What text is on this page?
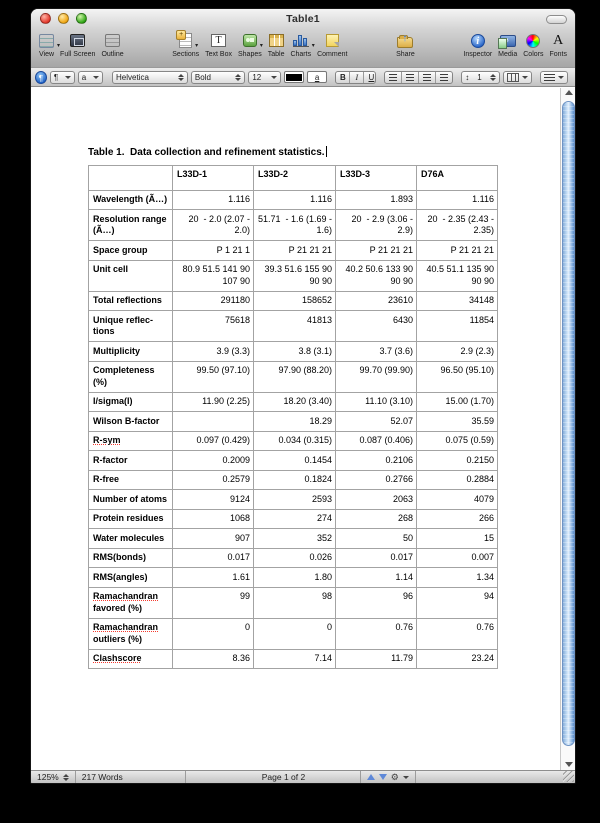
Table1
▾
View Full Screen Outline
+
▾
Sections
T
Text Box
▾
Shapes Table
▾
Charts Comment
↑	Share
i
Inspector
♪ Media Colors
A
Fonts
¶	¶	a	Helvetica	Bold	12	a	B	I	U	↕ 1
Table 1.  Data collection and refinement statistics.
	L33D-1	L33D-2	L33D-3	D76A
Wavelength (Ã…)	1.116	1.116	1.893	1.116
Resolution range (Ã…)	20  - 2.0 (2.07 - 2.0)	51.71  - 1.6 (1.69 - 1.6)	20  - 2.9 (3.06 - 2.9)	20  - 2.35 (2.43 - 2.35)
Space group	P 1 21 1	P 21 21 21	P 21 21 21	P 21 21 21
Unit cell	80.9 51.5 141 90 107 90	39.3 51.6 155 90 90 90	40.2 50.6 133 90 90 90	40.5 51.1 135 90 90 90
Total reflections	291180	158652	23610	34148
Unique reflections	75618	41813	6430	11854
Multiplicity	3.9 (3.3)	3.8 (3.1)	3.7 (3.6)	2.9 (2.3)
Completeness (%)	99.50 (97.10)	97.90 (88.20)	99.70 (99.90)	96.50 (95.10)
I/sigma(I)	11.90 (2.25)	18.20 (3.40)	11.10 (3.10)	15.00 (1.70)
Wilson B-factor		18.29	52.07	35.59
R-sym	0.097 (0.429)	0.034 (0.315)	0.087 (0.406)	0.075 (0.59)
R-factor	0.2009	0.1454	0.2106	0.2150
R-free	0.2579	0.1824	0.2766	0.2884
Number of atoms	9124	2593	2063	4079
Protein residues	1068	274	268	266
Water molecules	907	352	50	15
RMS(bonds)	0.017	0.026	0.017	0.007
RMS(angles)	1.61	1.80	1.14	1.34
Ramachandran favored (%)	99	98	96	94
Ramachandran outliers (%)	0	0	0.76	0.76
Clashscore	8.36	7.14	11.79	23.24
125%	217 Words	Page 1 of 2	⚙
